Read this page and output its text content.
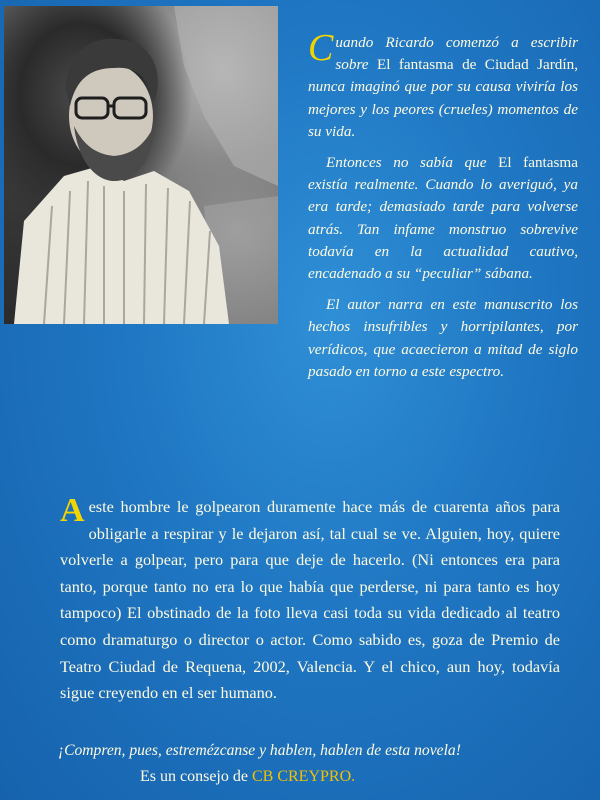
Cuando Ricardo comenzó a escribir sobre El fantasma de Ciudad Jardín, nunca imaginó que por su causa viviría los mejores y los peores (crueles) momentos de su vida.

Entonces no sabía que El fantasma existía realmente. Cuando lo averiguó, ya era tarde; demasiado tarde para volverse atrás. Tan infame monstruo sobrevive todavía en la actualidad cautivo, encadenado a su “peculiar” sábana.

El autor narra en este manuscrito los hechos insufribles y horripilantes, por verídicos, que acaecieron a mitad de siglo pasado en torno a este espectro.

A este hombre le golpearon duramente hace más de cuarenta años para obligarle a respirar y le dejaron así, tal cual se ve. Alguien, hoy, quiere volverle a golpear, pero para que deje de hacerlo. (Ni entonces era para tanto, porque tanto no era lo que había que perderse, ni para tanto es hoy tampoco) El obstinado de la foto lleva casi toda su vida dedicado al teatro como dramaturgo o director o actor. Como sabido es, goza de Premio de Teatro Ciudad de Requena, 2002, Valencia. Y el chico, aun hoy, todavía sigue creyendo en el ser humano.
¡Compren, pues, estremézcanse y hablen, hablen de esta novela!
Es un consejo de CB CREYPRO.
